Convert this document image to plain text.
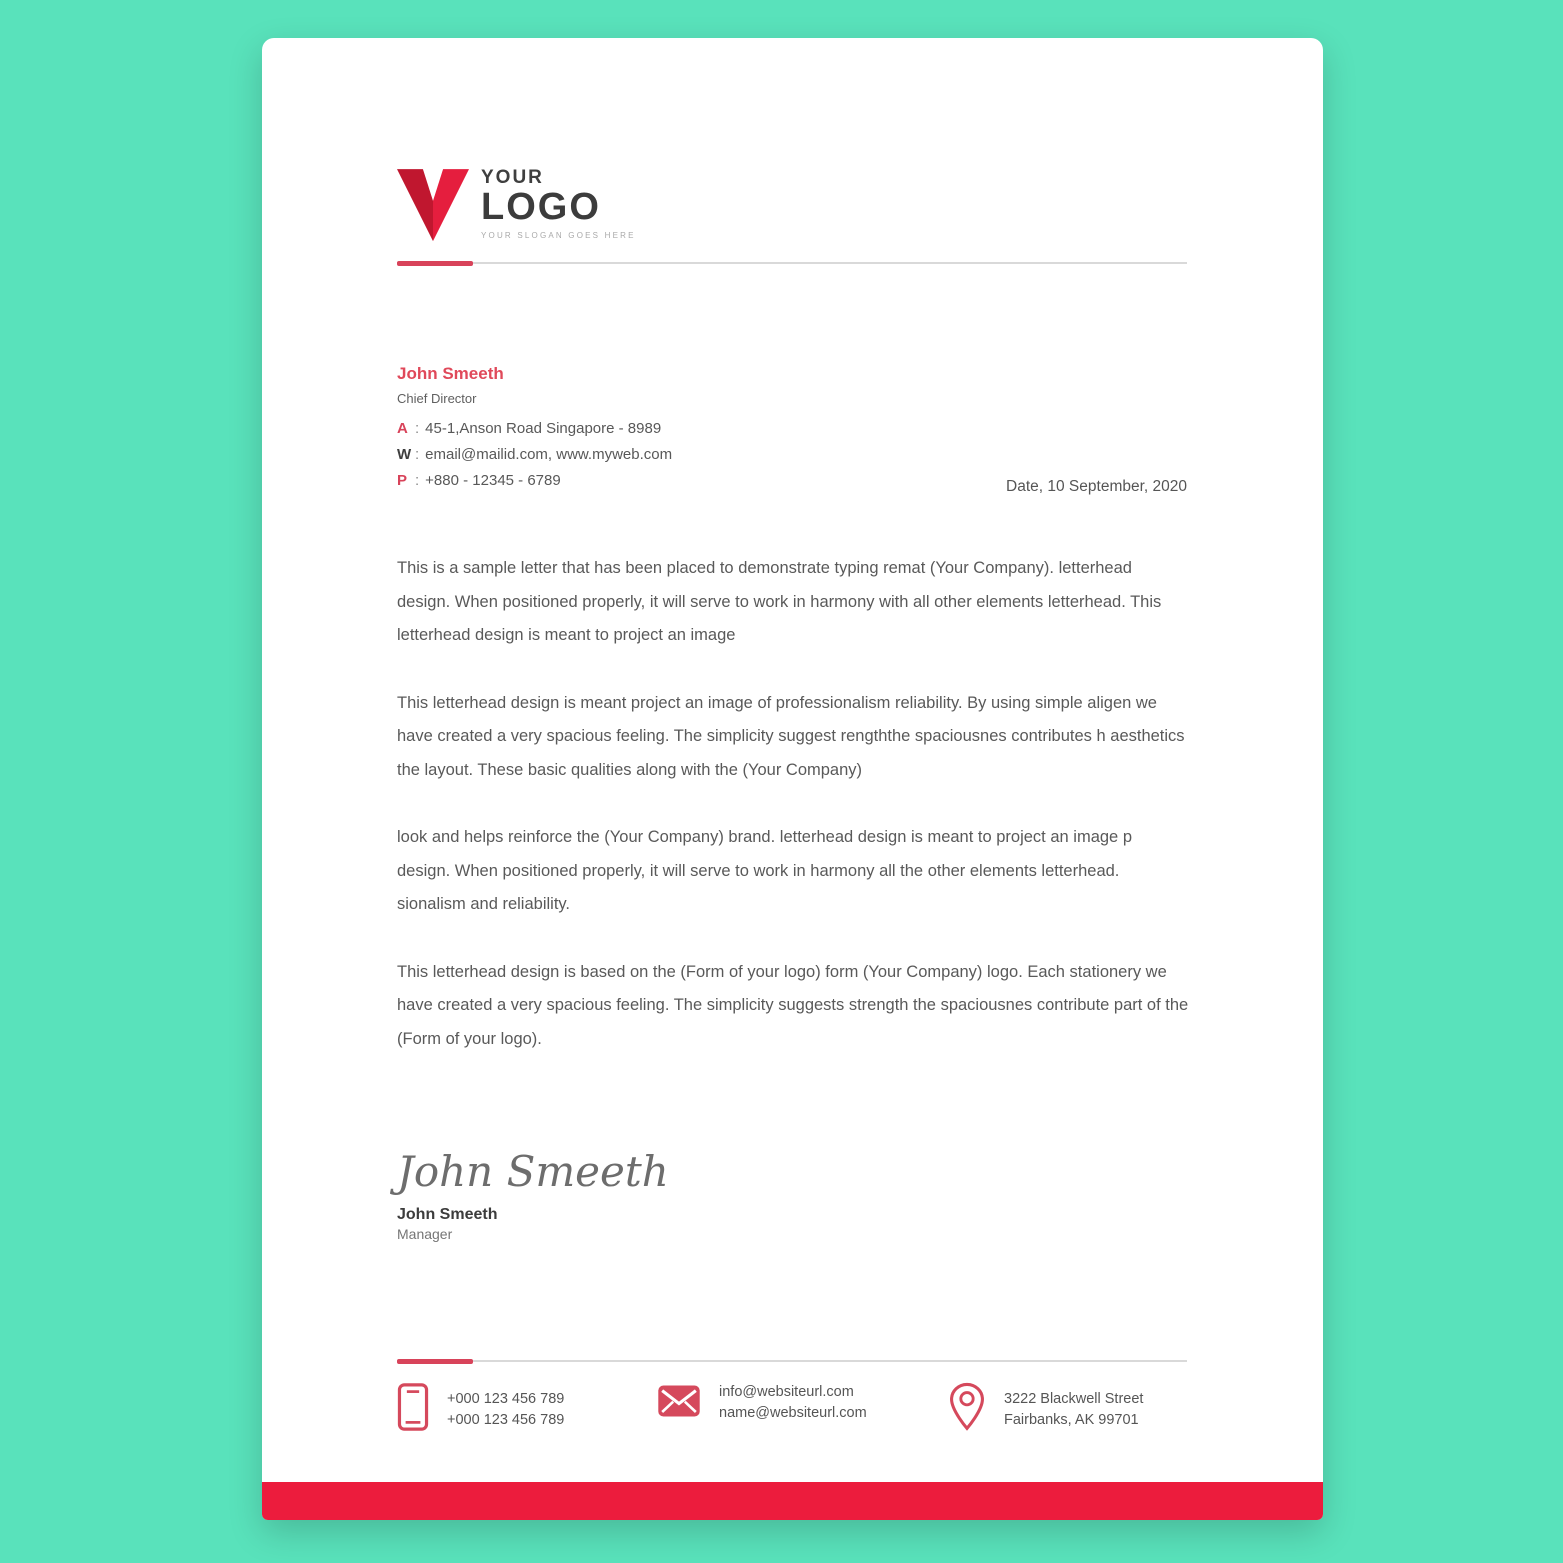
YOUR
LOGO
YOUR SLOGAN GOES HERE
John Smeeth
Chief Director
A : 45-1,Anson Road Singapore - 8989
W : email@mailid.com, www.myweb.com
P : +880 - 12345 - 6789	Date, 10 September, 2020

This is a sample letter that has been placed to demonstrate typing remat (Your Company). letterhead design. When positioned properly, it will serve to work in harmony with all other elements letterhead. This letterhead design is meant to project an image

This letterhead design is meant project an image of professionalism reliability. By using simple aligen we have created a very spacious feeling. The simplicity suggest rengththe spaciousnes contributes h aesthetics the layout. These basic qualities along with the (Your Company)

look and helps reinforce the (Your Company) brand. letterhead design is meant to project an image p design. When positioned properly, it will serve to work in harmony all the other elements letterhead. sionalism and reliability.

This letterhead design is based on the (Form of your logo) form (Your Company) logo. Each stationery we have created a very spacious feeling. The simplicity suggests strength the spaciousnes contribute part of the (Form of your logo).

John Smeeth
John Smeeth
Manager
+000 123 456 789
+000 123 456 789
info@websiteurl.com
name@websiteurl.com
3222 Blackwell Street
Fairbanks, AK 99701
